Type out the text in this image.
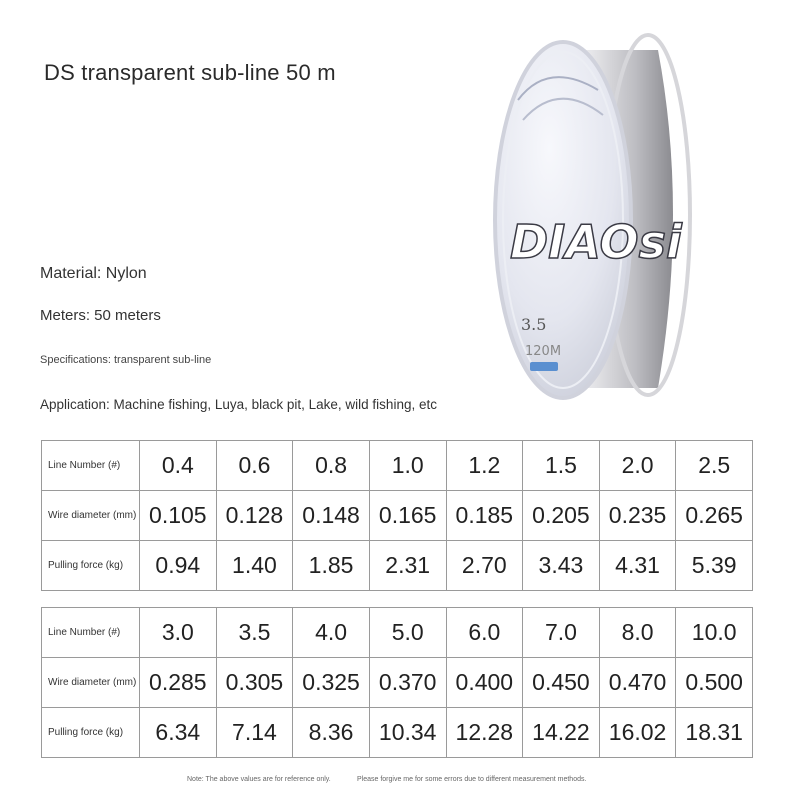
DS transparent sub-line 50 m
Material: Nylon
Meters: 50 meters
Specifications: transparent sub-line
Application: Machine fishing, Luya, black pit, Lake, wild fishing, etc
DIAOsi
3.5
120M
Line Number (#)	0.4	0.6	0.8	1.0	1.2	1.5	2.0	2.5
Wire diameter (mm)	0.105	0.128	0.148	0.165	0.185	0.205	0.235	0.265
Pulling force (kg)	0.94	1.40	1.85	2.31	2.70	3.43	4.31	5.39
Line Number (#)	3.0	3.5	4.0	5.0	6.0	7.0	8.0	10.0
Wire diameter (mm)	0.285	0.305	0.325	0.370	0.400	0.450	0.470	0.500
Pulling force (kg)	6.34	7.14	8.36	10.34	12.28	14.22	16.02	18.31
Note: The above values are for reference only.	Please forgive me for some errors due to different measurement methods.
